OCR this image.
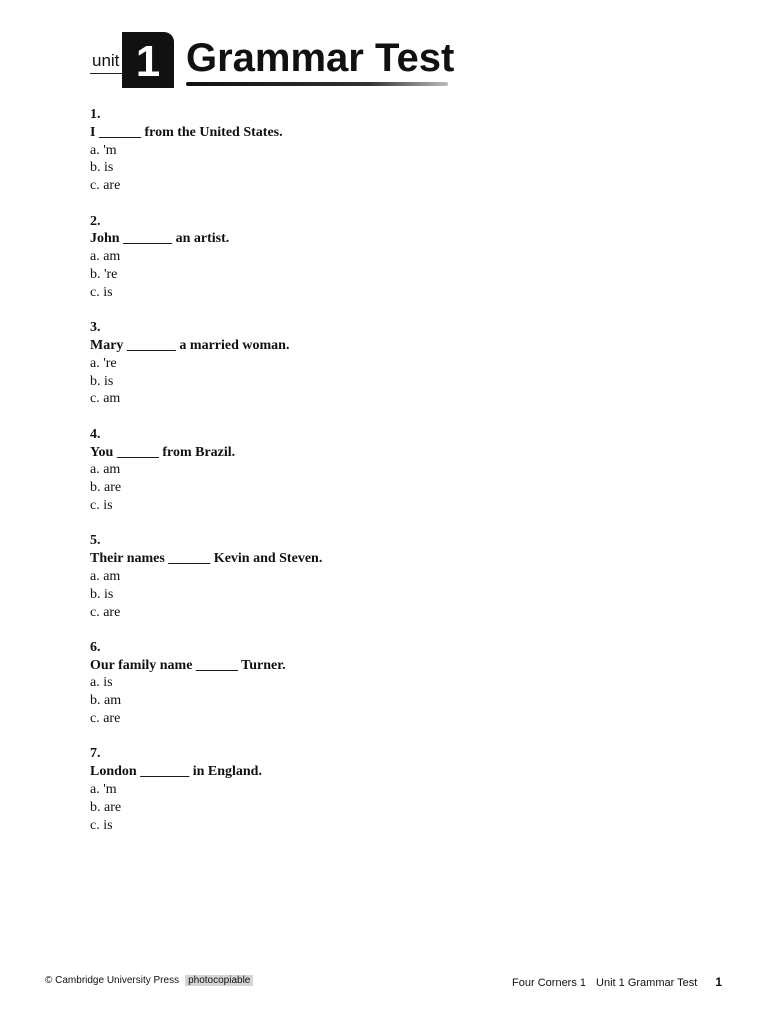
unit 1 Grammar Test
1.
I ______ from the United States.
a. 'm
b. is
c. are
2.
John _______ an artist.
a. am
b. 're
c. is
3.
Mary _______ a married woman.
a. 're
b. is
c. am
4.
You ______ from Brazil.
a. am
b. are
c. is
5.
Their names ______ Kevin and Steven.
a. am
b. is
c. are
6.
Our family name ______ Turner.
a. is
b. am
c. are
7.
London _______ in England.
a. 'm
b. are
c. is
© Cambridge University Press photocopiable	Four Corners 1 Unit 1 Grammar Test 1
